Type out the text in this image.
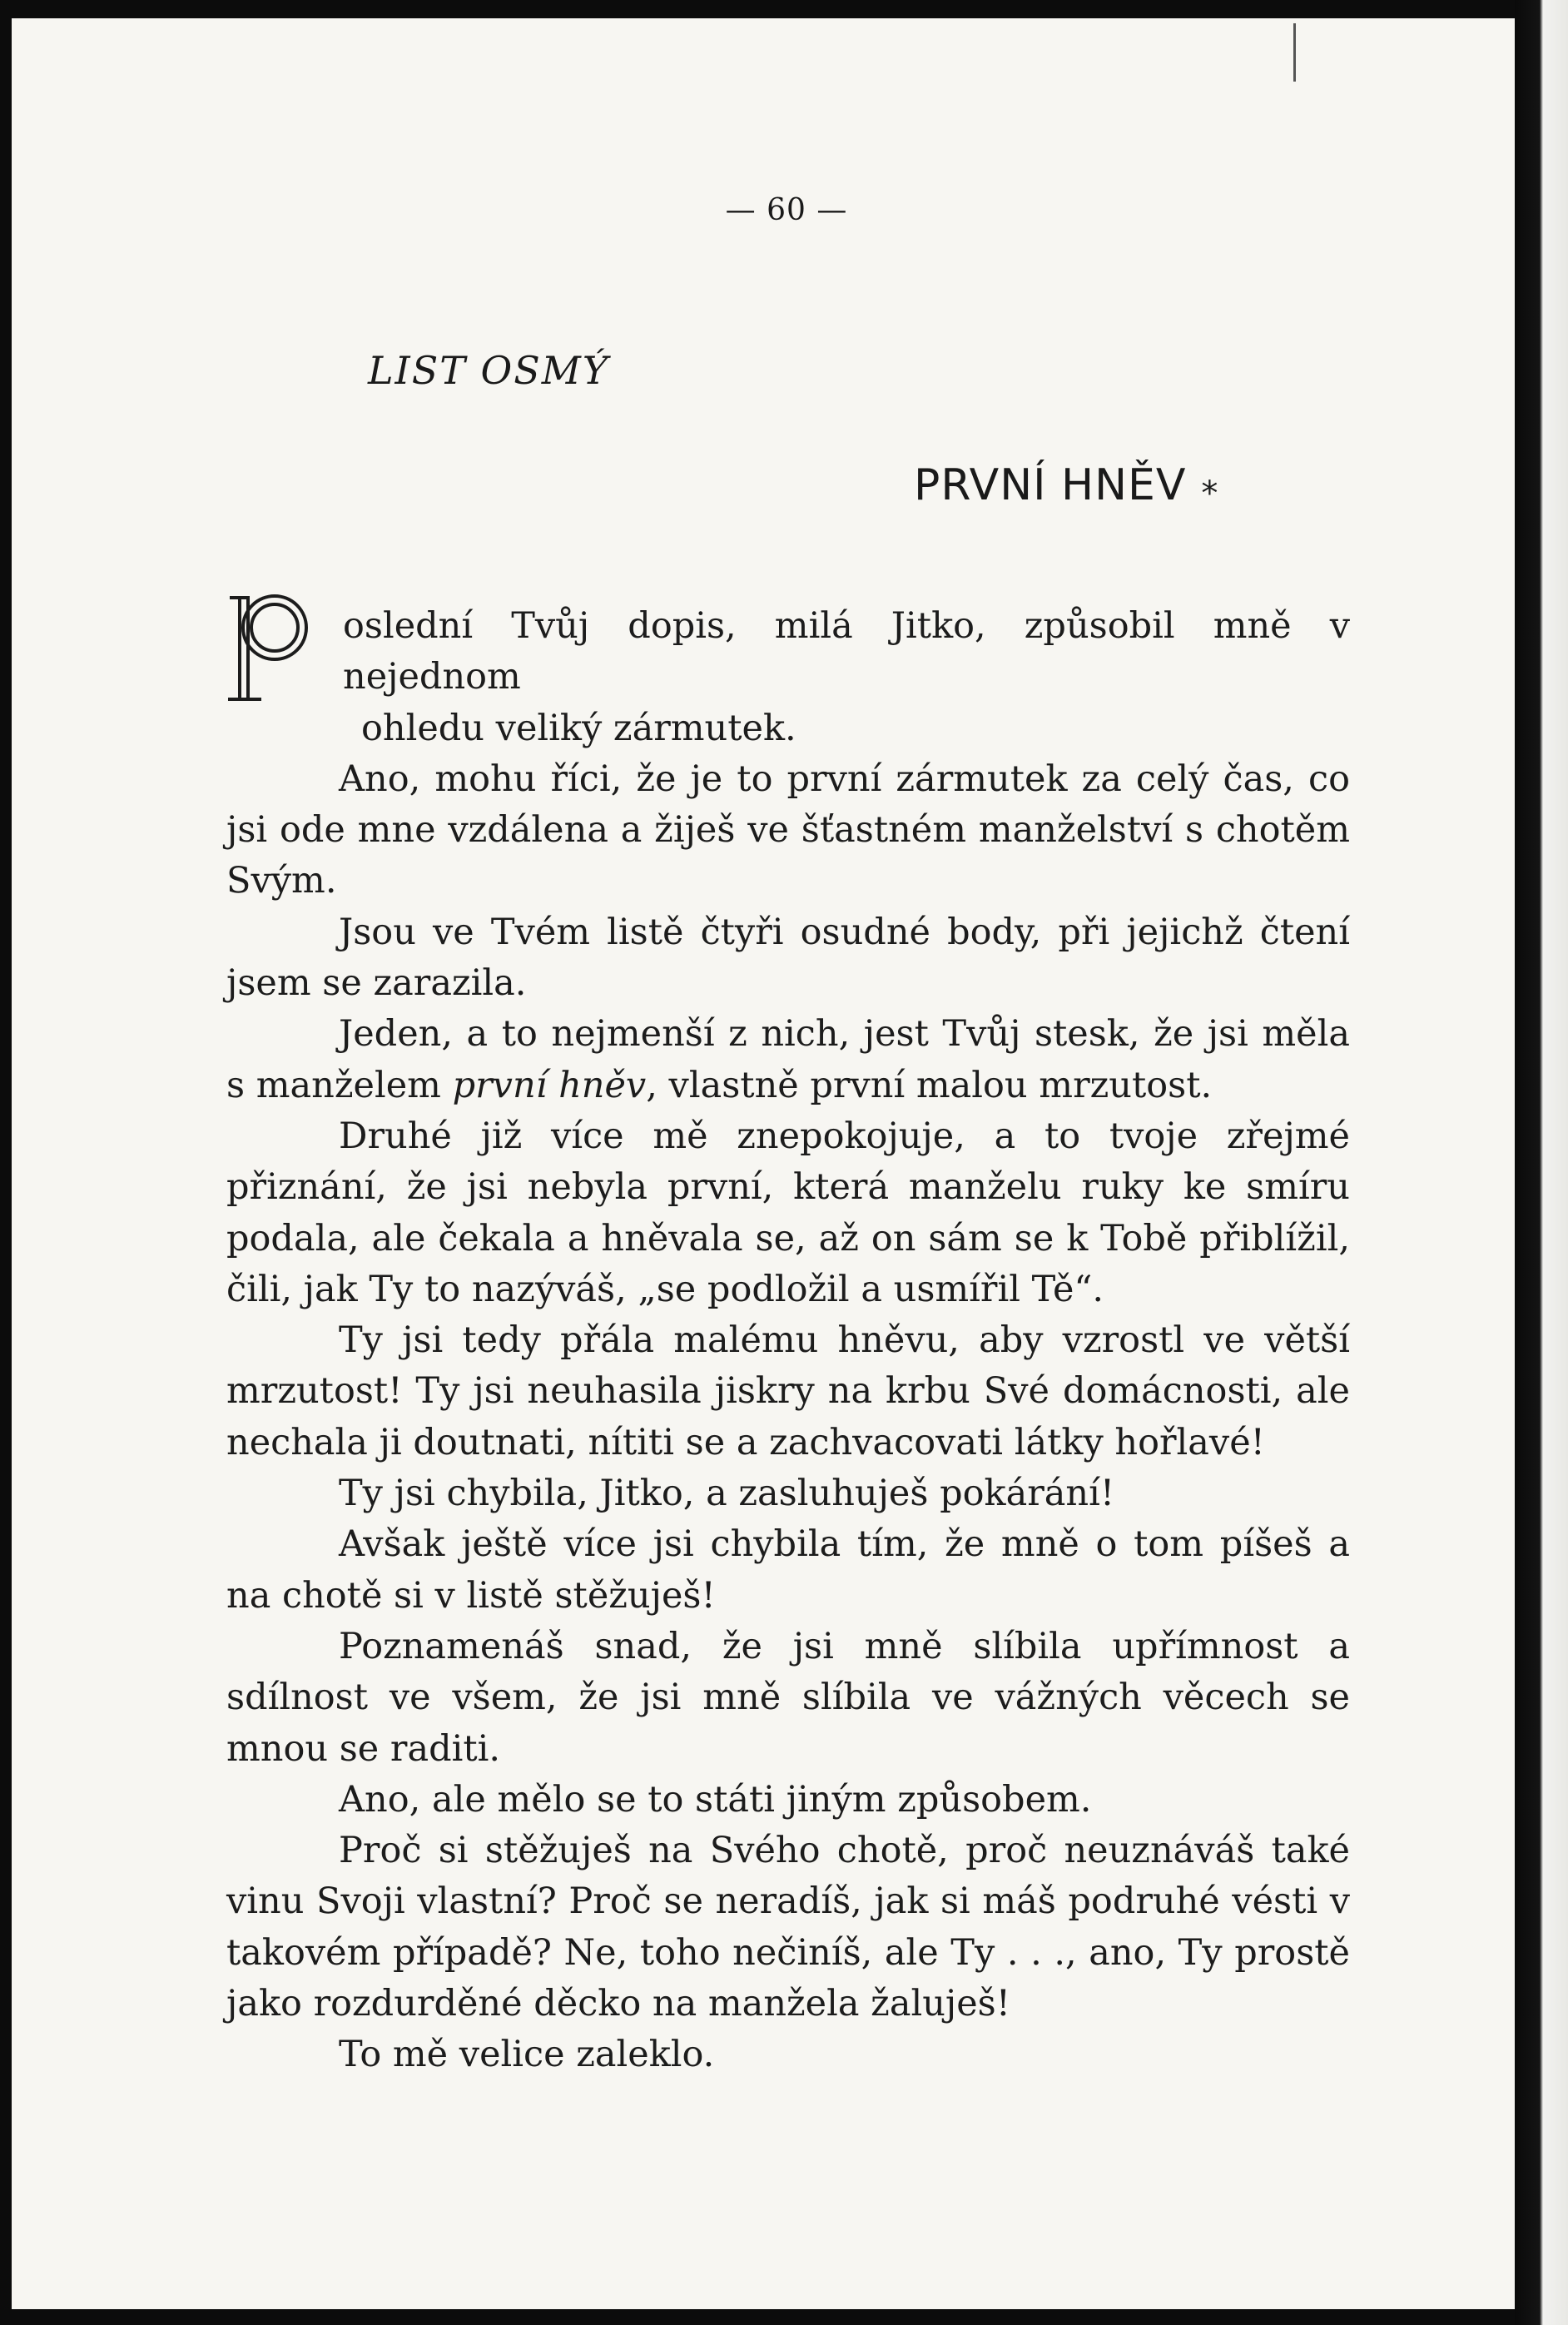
— 60 —
LIST OSMÝ
PRVNÍ HNĚV *
P

oslední Tvůj dopis, milá Jitko, způsobil mně v nejednom

ohledu veliký zármutek.

Ano, mohu říci, že je to první zármutek za celý čas, co jsi ode mne vzdálena a žiješ ve šťastném manželství s chotěm Svým.

Jsou ve Tvém listě čtyři osudné body, při jejichž čtení jsem se zarazila.

Jeden, a to nejmenší z nich, jest Tvůj stesk, že jsi měla s manželem první hněv, vlastně první malou mrzutost.

Druhé již více mě znepokojuje, a to tvoje zřejmé přiznání, že jsi nebyla první, která manželu ruky ke smíru podala, ale čekala a hněvala se, až on sám se k Tobě přiblížil, čili, jak Ty to nazýváš, „se podložil a usmířil Tě“.

Ty jsi tedy přála malému hněvu, aby vzrostl ve větší mrzutost! Ty jsi neuhasila jiskry na krbu Své domácnosti, ale nechala ji doutnati, nítiti se a zachvacovati látky hořlavé!

Ty jsi chybila, Jitko, a zasluhuješ pokárání!

Avšak ještě více jsi chybila tím, že mně o tom píšeš a na chotě si v listě stěžuješ!

Poznamenáš snad, že jsi mně slíbila upřímnost a sdílnost ve všem, že jsi mně slíbila ve vážných věcech se mnou se raditi.

Ano, ale mělo se to státi jiným způsobem.

Proč si stěžuješ na Svého chotě, proč neuznáváš také vinu Svoji vlastní? Proč se neradíš, jak si máš podruhé vésti v takovém případě? Ne, toho nečiníš, ale Ty . . ., ano, Ty prostě jako rozdurděné děcko na manžela žaluješ!

To mě velice zaleklo.
